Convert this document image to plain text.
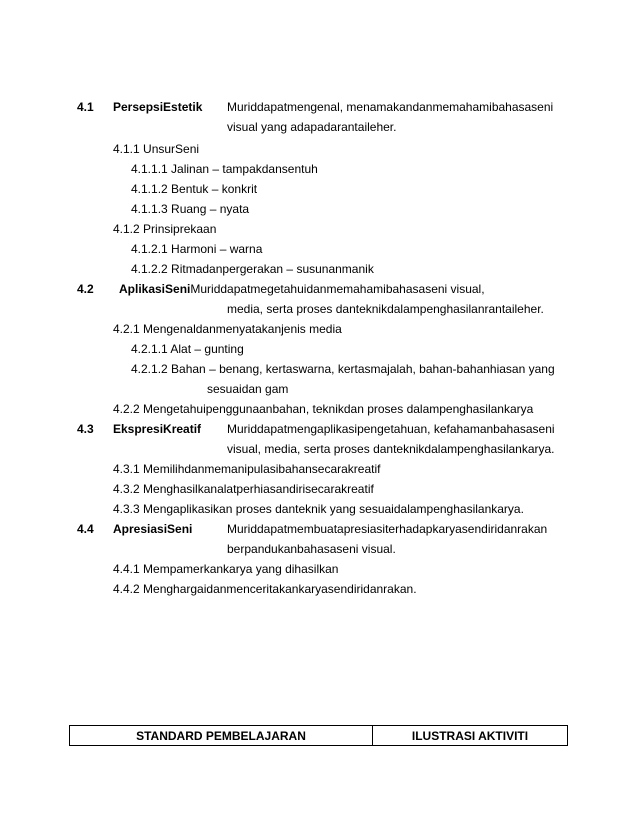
4.1 PersepsiEstetik Muriddapatmengenal, menamakandanmemahamibahasaseni
visual yang adapadarantaileher.
4.1.1 UnsurSeni
4.1.1.1 Jalinan – tampakdansentuh
4.1.1.2 Bentuk – konkrit
4.1.1.3 Ruang – nyata
4.1.2 Prinsiprekaan
4.1.2.1 Harmoni – warna
4.1.2.2 Ritmadanpergerakan – susunanmanik
4.2 AplikasiSeniMuriddapatmegetahuidanmemahamibahasaseni visual,
media, serta proses danteknikdalampenghasilanrantaileher.
4.2.1 Mengenaldanmenyatakanjenis media
4.2.1.1 Alat – gunting
4.2.1.2 Bahan – benang, kertaswarna, kertasmajalah, bahan-bahanhiasan yang
sesuaidan gam
4.2.2 Mengetahuipenggunaanbahan, teknikdan proses dalampenghasilankarya
4.3 EkspresiKreatif Muriddapatmengaplikasipengetahuan, kefahamanbahasaseni
visual, media, serta proses danteknikdalampenghasilankarya.
4.3.1 Memilihdanmemanipulasibahansecarakreatif
4.3.2 Menghasilkanalatperhiasandirisecarakreatif
4.3.3 Mengaplikasikan proses danteknik yang sesuaidalampenghasilankarya.
4.4 ApresiasiSeni	Muriddapatmembuatapresiasiterhadapkaryasendiridanrakan
berpandukanbahasaseni visual.
4.4.1 Mempamerkankarya yang dihasilkan
4.4.2 Menghargaidanmenceritakankaryasendiridanrakan.
STANDARD PEMBELAJARAN	ILUSTRASI AKTIVITI
